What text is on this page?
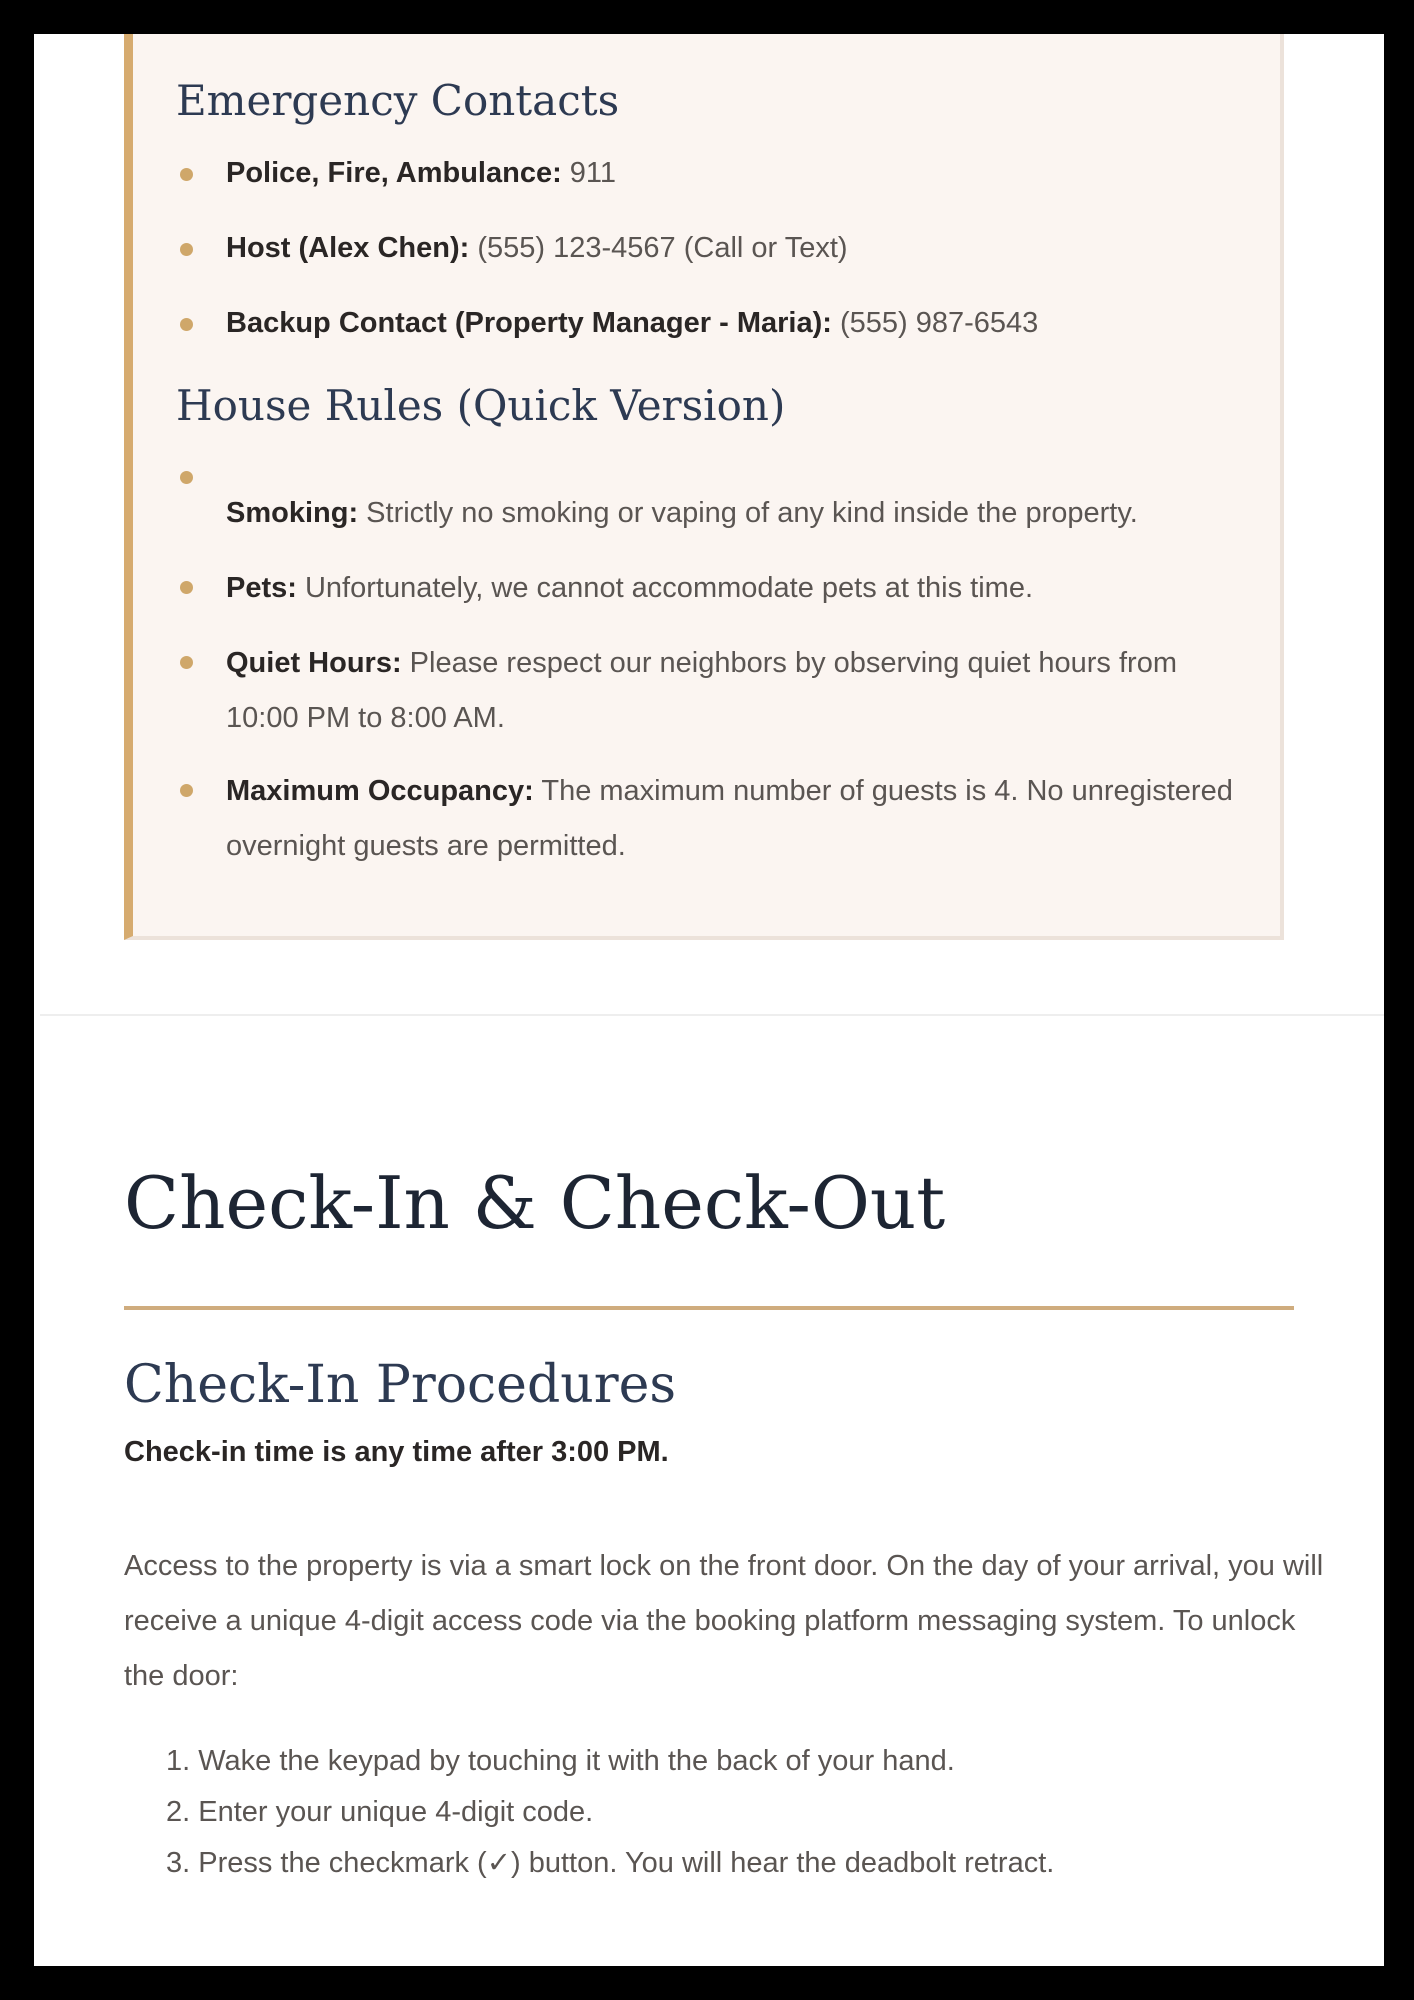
Emergency Contacts
Police, Fire, Ambulance: 911
Host (Alex Chen): (555) 123-4567 (Call or Text)
Backup Contact (Property Manager - Maria): (555) 987-6543
House Rules (Quick Version)
Smoking: Strictly no smoking or vaping of any kind inside the property.
Pets: Unfortunately, we cannot accommodate pets at this time.
Quiet Hours: Please respect our neighbors by observing quiet hours from 10:00 PM to 8:00 AM.
Maximum Occupancy: The maximum number of guests is 4. No unregistered overnight guests are permitted.
Check-In & Check-Out
Check-In Procedures
Check-in time is any time after 3:00 PM.

Access to the property is via a smart lock on the front door. On the day of your arrival, you will receive a unique 4-digit access code via the booking platform messaging system. To unlock the door:

1. Wake the keypad by touching it with the back of your hand.
2. Enter your unique 4-digit code.
3. Press the checkmark (✓) button. You will hear the deadbolt retract.
